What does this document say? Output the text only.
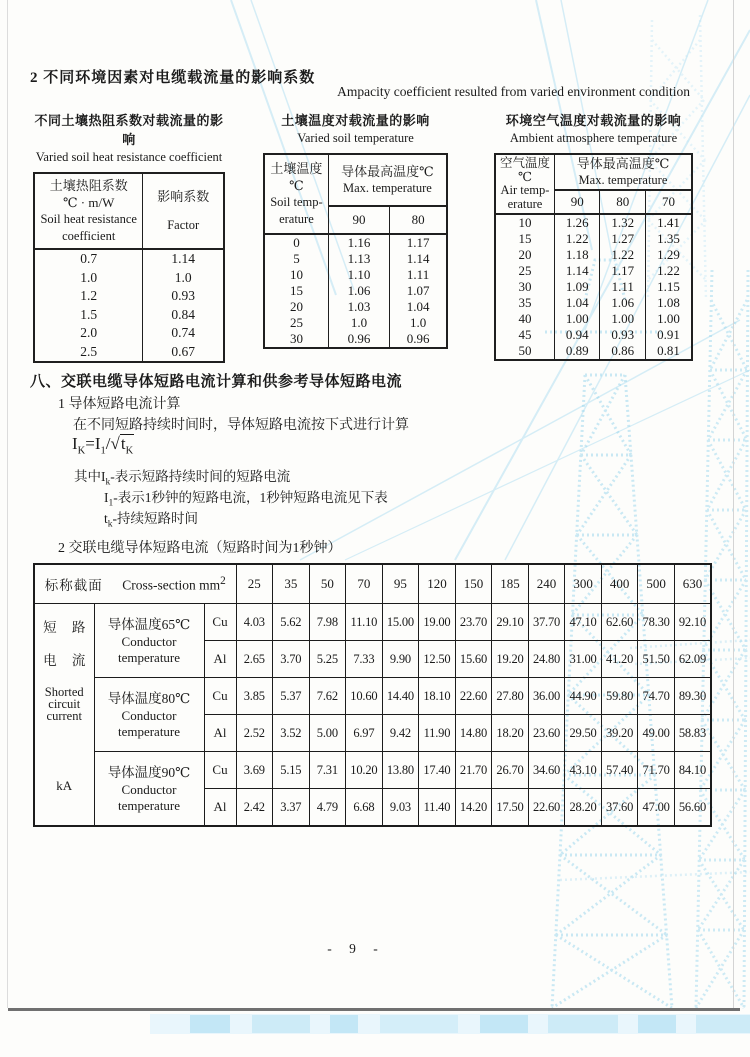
2 不同环境因素对电缆载流量的影响系数
Ampacity coefficient resulted from varied environment condition
不同土壤热阻系数对载流量的影响
Varied soil heat resistance coefficient
土壤热阻系数
℃ · m/W
Soil heat resistance
coefficient

影响系数
Factor

0.7	1.14
1.0	1.0
1.2	0.93
1.5	0.84
2.0	0.74
2.5	0.67
土壤温度对载流量的影响
Varied soil temperature
土壤温度
℃
Soil temp-
erature

导体最高温度℃
Max. temperature

	90	80
0	1.16	1.17
5	1.13	1.14
10	1.10	1.11
15	1.06	1.07
20	1.03	1.04
25	1.0	1.0
30	0.96	0.96
环境空气温度对载流量的影响
Ambient atmosphere temperature
空气温度
℃
Air temp-
erature

导体最高温度℃
Max. temperature

	90	80	70
10	1.26	1.32	1.41
15	1.22	1.27	1.35
20	1.18	1.22	1.29
25	1.14	1.17	1.22
30	1.09	1.11	1.15
35	1.04	1.06	1.08
40	1.00	1.00	1.00
45	0.94	0.93	0.91
50	0.89	0.86	0.81
八、交联电缆导体短路电流计算和供参考导体短路电流
1 导体短路电流计算
在不同短路持续时间时，导体短路电流按下式进行计算
$I_K=I_1/√t_K$
其中$I_k-$表示短路持续时间的短路电流
$I_1-$表示1秒钟的短路电流，1秒钟短路电流见下表
$t_k-$持续短路时间
2 交联电缆导体短路电流（短路时间为1秒钟）
标称截面 Cross-section $mm^2$			25	35	50	70	95	120	150	185	240	300	400	500	630

短 路
电 流
Shorted
circuit
current
kA

导体温度65℃
Conductor
temperature
	Cu	4.03	5.62	7.98	11.10	15.00	19.00	23.70	29.10	37.70	47.10	62.60	78.30	92.10
		Al	2.65	3.70	5.25	7.33	9.90	12.50	15.60	19.20	24.80	31.00	41.20	51.50	62.09

	导体温度80℃
Conductor
temperature	Cu	3.85	5.37	7.62	10.60	14.40	18.10	22.60	27.80	36.00	44.90	59.80	74.70	89.30
		Al	2.52	3.52	5.00	6.97	9.42	11.90	14.80	18.20	23.60	29.50	39.20	49.00	58.83

	导体温度90℃
Conductor
temperature	Cu	3.69	5.15	7.31	10.20	13.80	17.40	21.70	26.70	34.60	43.10	57.40	71.70	84.10
		Al	2.42	3.37	4.79	6.68	9.03	11.40	14.20	17.50	22.60	28.20	37.60	47.00	56.60
- 9 -
